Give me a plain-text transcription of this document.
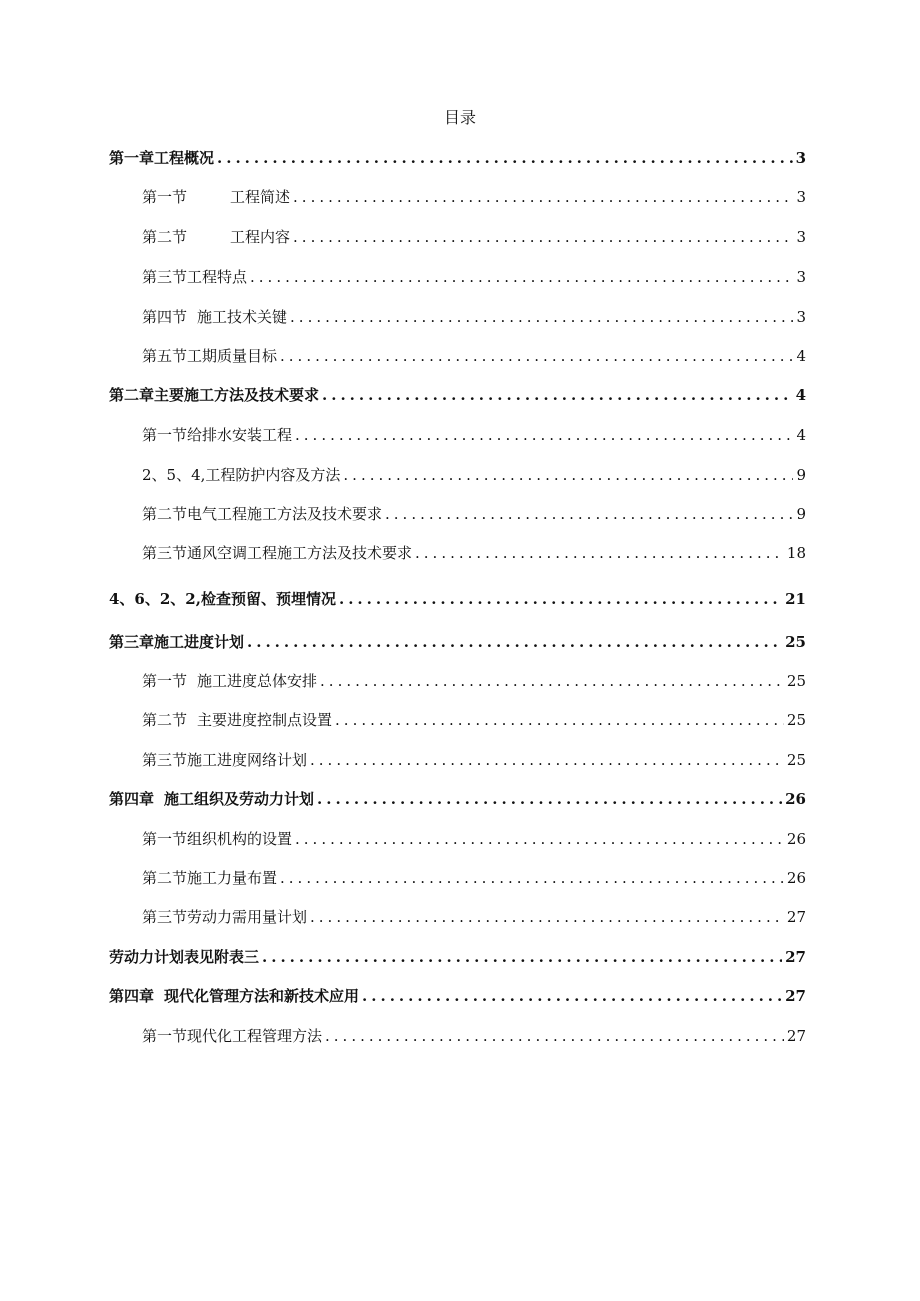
目录
第一章工程概况 .....	3
第一节	工程简述 .....	3
第二节	工程内容 .....	3
第三节工程特点 .....	3
第四节 施工技术关键 .....	3
第五节工期质量目标 .....	4
第二章主要施工方法及技术要求 .....	4
第一节给排水安装工程 .....	4
2、5、4,工程防护内容及方法 .....	9
第二节电气工程施工方法及技术要求 .....	9
第三节通风空调工程施工方法及技术要求 .....	18
4、6、2、2,检查预留、预埋情况 .....	21
第三章施工进度计划 .....	25
第一节 施工进度总体安排 .....	25
第二节 主要进度控制点设置 .....	25
第三节施工进度网络计划 .....	25
第四章 施工组织及劳动力计划 .....	26
第一节组织机构的设置 .....	26
第二节施工力量布置 .....	26
第三节劳动力需用量计划 .....	27
劳动力计划表见附表三 .....	27
第四章 现代化管理方法和新技术应用 .....	27
第一节现代化工程管理方法 .....	27
